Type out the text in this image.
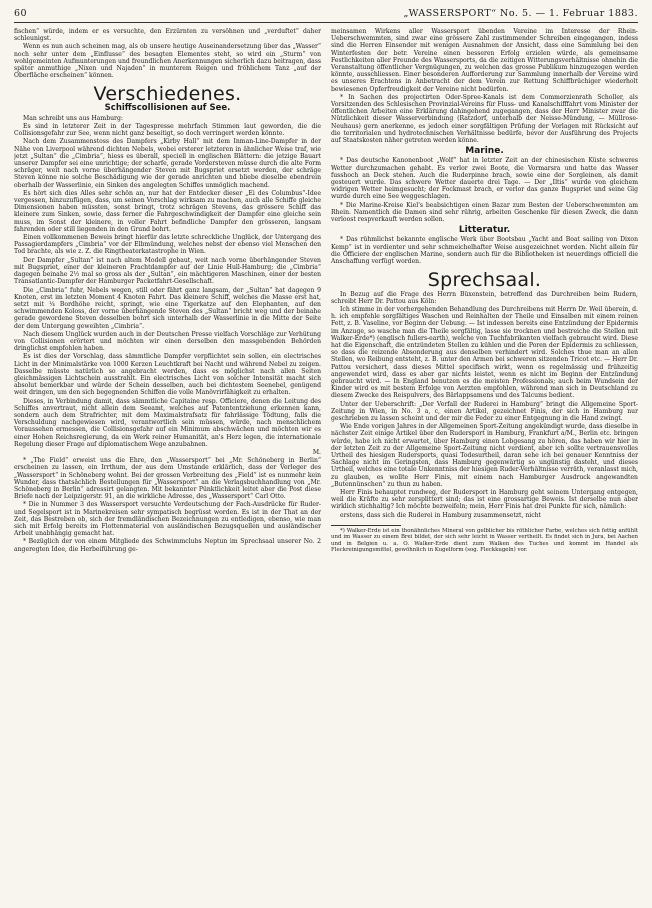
60	„WASSERSPORT“ No. 5. — 1. Februar 1883.

fischen“ würde, indem er es versuchte, den Erzürnten zu versöhnen und „verduftet“ daher schleunigst.

Wenn es nun auch scheinen mag, als ob unsere heutige Auseinandersetzung über das „Wasser“ noch sehr unter dem „Einflusse“ des besagten Elementes steht, so wird ein „Sturm“ von wohlgemeinten Aufmunterungen und freundlichen Anerkennungen sicherlich dazu beitragen, dass später anmuthige „Nixen und Najaden“ in munterem Reigen und fröhlichem Tanz „auf der Oberfläche erscheinen“ können.

Verschiedenes.
Schiffscollisionen auf See.

Man schreibt uns aus Hamburg:

Es sind in letzterer Zeit in der Tagespresse mehrfach Stimmen laut geworden, die die Collisionsgefahr zur See, wenn nicht ganz beseitigt, so doch verringert werden könnte.

Nach dem Zusammenstoss des Dampfers „Kirby Hall“ mit dem Inman-Line-Dampfer in der Nähe von Liverpool während dichten Nebels, wobei ersterer letzteren in ähnlicher Weise traf, wie jetzt „Sultan“ die „Cimbria“, hiess es überall, speciell in englischen Blättern: die jetzige Bauart unserer Dampfer sei eine unrichtige; der scharfe, gerade Vordersteven müsse durch die alte Form schräger, weit nach vorne überhängender Steven mit Bugspriet ersetzt werden, der schräge Steven könne nie solche Beschädigung wie der gerade anrichten und bliebe dieselbe ebendrein oberhalb der Wasserlinie, ein Sinken des angelegten Schiffes unmöglich machend.

Es hört sich dies Alles sehr schön an, nur hat der Entdecker dieser „Ei des Columbus“-Idee vergessen, hinzuzufügen, dass, um seinen Vorschlag wirksam zu machen, auch alle Schiffe gleiche Dimensionen haben müssten, sonst bringt, trotz schrägen Stevens, das grössere Schiff das kleinere zum Sinken, sowie, dass ferner die Fahrgeschwindigkeit der Dampfer eine gleiche sein muss, im Sonst der kleinere, in voller Fahrt befindliche Dampfer den grösseren, langsam fahrenden oder still liegenden in den Grund bohrt.

Einen vollkommenen Beweis bringt hierfür das letzte schreckliche Unglück, der Untergang des Passagierdampfers „Cimbria“ vor der Elbmündung, welches nebst der ebenso viel Menschen den Tod brachte, als wie z. Z. die Ringtheaterkatastrophe in Wien.

Der Dampfer „Sultan“ ist nach altem Modell gebaut, weit nach vorne überhängender Steven mit Bugspriet, einer der kleineren Frachtdampfer auf der Linie Hull-Hamburg; die „Cimbria“ dagegen beinahe 2½ mal so gross als der „Sultan“, ein mächtigeren Maschinen, einer der besten Transatlantic-Dampfer der Hamburger Packetfahrt-Gesellschaft.

Die „Cimbria“ fuhr, Nebels wegen, still oder fährt ganz langsam, der „Sultan“ hat dagegen 9 Knoten, erst im letzten Moment 4 Knoten Fahrt. Das kleinere Schiff, welches die Masse erst hat, setzt mit ¼ Bordhöhe reicht, springt, wie eine Tigerkatze auf den Elephanten, auf den schwimmenden Koloss, der vorne überhängende Steven des „Sultan“ bricht weg und der beinahe gerade gewordene Steven desselben bohrt sich unterhalb der Wasserlinie in die Mitte der Seite der dem Untergang geweihten „Cimbria“.

Nach diesem Unglück wurden auch in der Deutschen Presse vielfach Vorschläge zur Verhütung von Collisionen erörtert und möchten wir einen derselben den massgebenden Behörden dringlichst empfohlen haben.

Es ist dies der Vorschlag, dass sämmtliche Dampfer verpflichtet sein sollen, ein electrisches Licht in der Minimalstärke von 1000 Kerzen Leuchtkraft bei Nacht und während Nebel zu zeigen. Dasselbe müsste natürlich so angebracht werden, dass es möglichst nach allen Seiten gleichmässigen Lichtschein ausstrahlt. Ein electrisches Licht von solcher Intensität macht sich absolut bemerkbar und würde der Schein desselben, auch bei dichtestem Seenebel, genügend weit dringen, um den sich begegnenden Schiffen die volle Manövrirfähigkeit zu erhalten.

Dieses, in Verbindung damit, dass sämmtliche Capitaine resp. Officiere, denen die Leitung des Schiffes anvertraut, nicht allein dem Seeamt, welches auf Patententziehung erkennen kann, sondern auch dem Strafrichter, mit dem Maximalstrafsatz für fahrlässige Tödtung, falls die Verschuldung nachgewiesen wird, verantwortlich sein müssen, würde, nach menschlichem Voraussehen ermessen, die Collisionsgefahr auf ein Minimum abschwächen und möchten wir es einer Hohen Reichsregierung, da ein Werk reiner Humanität, an's Herz legen, die internationale Regelung dieser Frage auf diplomatischem Wege anzubahnen.

M.

* „The Field“ erweist uns die Ehre, den „Wassersport“ bei „Mr. Schöneberg in Berlin“ erscheinen zu lassen, ein Irrthum, der aus dem Umstande erklärlich, dass der Verleger des „Wassersport“ in Schöneberg wohnt. Bei der grossen Verbreitung des „Field“ ist es nunmehr kein Wunder, dass thatsächlich Bestellungen für „Wassersport“ an die Verlagsbuchhandlung von „Mr. Schöneberg in Berlin“ adressirt gelangten. Mit bekannter Pünktlichkeit leitet aber die Post diese Briefe nach der Leipzigerstr. 91, an die wirkliche Adresse, des „Wassersport“ Carl Otto.

* Die in Nummer 3 des Wassersport versuchte Verdeutschung der Fach-Ausdrücke für Ruder- und Segelsport ist in Marinekreisen sehr sympatisch begrüsst worden. Es ist in der That an der Zeit, das Bestreben ob, sich der fremdländischen Bezeichnungen zu entledigen, ebenso, wie man sich mit Erfolg bereits im Flottenmaterial von ausländischen Bezugsquellen und ausländischer Arbeit unabhängig gemacht hat.

* Bezüglich der von einem Mitgliede des Schwimmclubs Neptun im Sprechsaal unserer No. 2 angeregten Idee, die Herbeiführung ge-

meinsamen Wirkens aller Wassersport übenden Vereine im Interesse der Rhein-Ueberschwemmten, sind zwar eine grössere Zahl zustimmender Schreiben eingegangen, indess sind die Herren Einsender mit wenigen Ausnahmen der Ansicht, dass eine Sammlung bei den Winterfesten der betr. Vereine einen besseren Erfolg erzielen würde, als gemeinsame Festlichkeiten aller Freunde des Wassersports, da die zeitigen Witterungsverhältnisse ohnehin die Veranstaltung öffentlicher Vergnügungen, zu welchen das grosse Publikum hinzugezogen werden könnte, ausschliessen. Einer besonderen Aufforderung zur Sammlung innerhalb der Vereine wird es unseres Erachtens in Anbetracht der dem Verein zur Rettung Schiffbrüchiger wiederholt bewiesenen Opferfreudigkeit der Vereine nicht bedürfen.

* In Sachen des projectirten Oder-Spree-Kanals ist dem Commerzienrath Scholler, als Vorsitzenden des Schlesischen Provinzial-Vereins für Fluss- und Kanalschifffahrt vom Minister der öffentlichen Arbeiten eine Erklärung dahingehend zugegangen, dass der Herr Minister zwar die Nützlichkeit dieser Wasserverbindung (Ratzdorf, unterhalb der Neisse-Mündung, — Müllrose-Neuhaus) gern anerkenne, es jedoch einer sorgfältigen Prüfung der Vorlagen mit Rücksicht auf die territorialen und hydrotechnischen Verhältnisse bedürfe, bevor der Ausführung des Projects auf Staatskosten näher getreten werden könne.

Marine.

* Das deutsche Kanonenboot „Wolf“ hat in letzter Zeit an der chinesischen Küste schweres Wetter durchzumachen gehabt. Es verlor zwei Boote, die Vormarsra und hatte das Wasser fusshoch an Deck stehen. Auch die Ruderpinne brach, sowie eine der Sorgleinen, als damit gesteuert wurde. Das schwere Wetter dauerte drei Tage. — Der „Iltis“ wurde von gleichem widrigen Wetter heimgesucht; der Fockmast brach, er verlor das ganze Bugspriet und seine Gig wurde durch eine See weggeschlagen.

* Die Marine-Kreise Kiel's beabsichtigen einen Bazar zum Besten der Ueberschwemmten am Rhein. Namentlich die Damen sind sehr rührig, arbeiten Geschenke für diesen Zweck, die dann verloost respverkauft werden sollen.

Litteratur.

* Das rühmlichst bekannte englische Werk über Bootsbau „Yacht and Boat sailing von Dixon Kemp“ ist in verdienter und sehr schmeichelhafter Weise ausgezeichnet worden. Nicht allein für die Officiere der englischen Marine, sondern auch für die Bibliotheken ist neuerdings officiell die Anschaffung verfügt worden.

Sprechsaal.

In Bezug auf die Frage des Herrn Büxenstein, betreffend das Durchreiben beim Rudern, schreibt Herr Dr. Pattou aus Köln:

Ich stimme in der vorhergehenden Behandlung des Durchreibens mit Herrn Dr. Weil überein, d. h. ich empfehle sorgfältiges Waschen und Reinhalten der Theile und Einsalben mit einem reinen Fett, z. B. Vaseline, vor Beginn der Uebung. — Ist indessen bereits eine Entzündung der Epidermis im Anzuge, so wasche man die Theile sorgfältig, lasse sie trocknen und bestreiche die Stellen mit Walker-Erde*) (englisch fullers-earth), welche von Tuchfabrikanten vielfach gebraucht wird. Diese hat die Eigenschaft, die entzündeten Stellen zu kühlen und die Poren der Epidermis zu schliessen, so dass die reizende Absonderung aus denselben verhindert wird. Solches thue man an allen Stellen, wo Reibung entsteht, z. B. unter den Armen bei schweren sitzenden Tricot etc. — Herr Dr. Pattou versichert, dass dieses Mittel specifisch wirkt, wenn es regelmässig und frühzeitig angewendet wird, dass es aber gar nichts leistet, wenn es nicht im Beginn der Entzündung gebraucht wird. — In England benutzen es die meisten Professionals; auch beim Wundsein der Kinder wird es mit bestem Erfolge von Aerzten empfohlen, während man sich in Deutschland zu diesem Zwecke des Reispulvers, des Bärlappsamens und des Talcums bedient.

Unter der Ueberschrift: „Der Verfall der Ruderei in Hamburg“ bringt die Allgemeine Sport-Zeitung in Wien, in No. 3 a, c, einen Artikel, gezeichnet Finis, der sich in Hamburg nur geschrieben zu lassen scheint und der mir die Feder zu einer Entgegnung in die Hand zwingt.

Wie Ende vorigen Jahres in der Allgemeinen Sport-Zeitung angekündigt wurde, dass dieselbe in nächster Zeit einige Artikel über den Rudersport in Hamburg, Frankfurt a/M., Berlin etc. bringen würde, habe ich nicht erwartet, über Hamburg einen Lobgesang zu hören, das haben wir hier in der letzten Zeit zu der Allgemeine Sport-Zeitung nicht verdient, aber ich sollte vertrauensvolles Urtheil des hiesigen Rudersports, quasi Todesurtheil, daran sehe ich bei genauer Kenntniss der Sachlage nicht im Geringsten, dass Hamburg gegenwärtig so ungünstig dasteht, und dieses Urtheil, welches eine totale Unkenntniss der hiesigen Ruder-Verhältnisse verräth, veranlasst mich, zu glauben, es wollte Herr Finis, mit einem nach Hamburger Ausdruck angewandten „Butennünschen“ zu thun zu haben.

Herr Finis behauptet rundweg, der Rudersport in Hamburg geht seinem Untergang entgegen, weil die Kräfte zu sehr zersplittert sind; das ist eine grossartige Beweis. Ist derselbe nun aber wirklich stichhaltig? Ich möchte bezweifeln; mein, Herr Finis hat drei Punkte für sich, nämlich:

erstens, dass sich die Ruderei in Hamburg zusammensetzt, nicht

*) Walker-Erde ist ein thonähnliches Mineral von gelblicher bis röthlicher Farbe, welches sich fettig anfühlt und im Wasser zu einem Brei bildet, der sich sehr leicht in Wasser vertheilt. Es findet sich in Jura, bei Aachen und in Belgien u. a. O. Walker-Erde dient zum Walken des Tuches und kommt im Handel als Fleckreinigungsmittel, gewöhnlich in Kugelform (sog. Fleckkugeln) vor.
